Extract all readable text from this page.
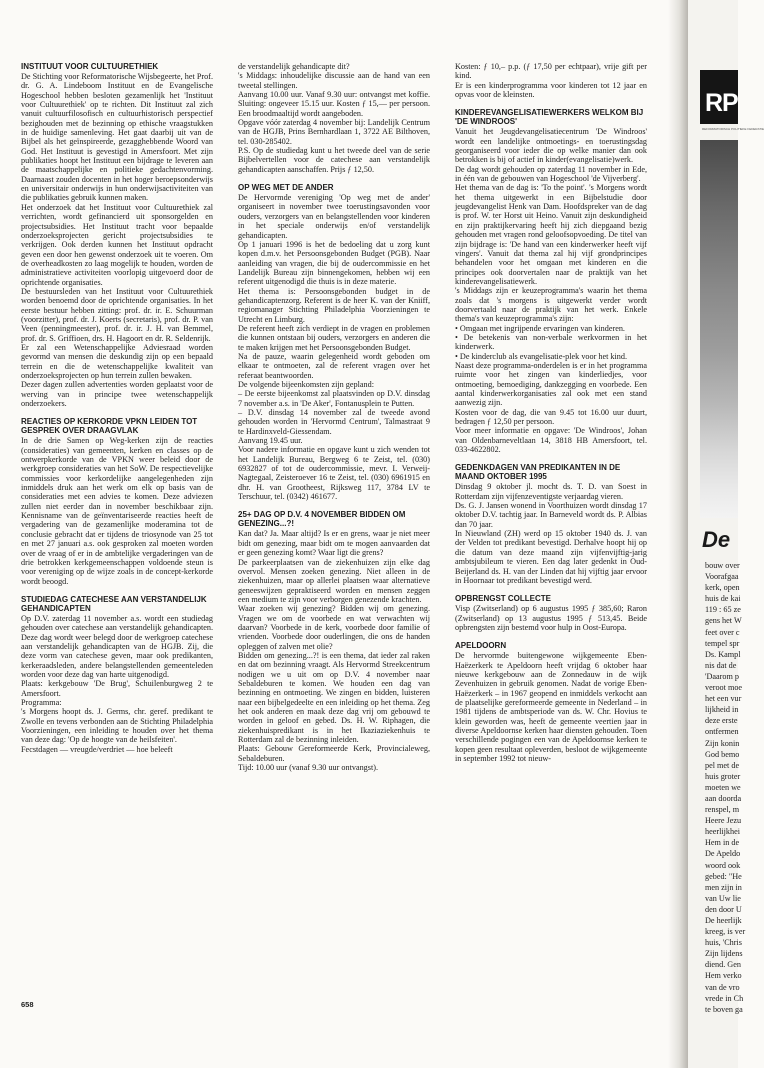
INSTITUUT VOOR CULTUURETHIEK

De Stichting voor Reformatorische Wijsbegeerte, het Prof. dr. G. A. Lindeboom Instituut en de Evangelische Hogeschool hebben besloten gezamenlijk het 'Instituut voor Cultuurethiek' op te richten. Dit Instituut zal zich vanuit cultuurfilosofisch en cultuurhistorisch perspectief bezighouden met de bezinning op ethische vraagstukken in de huidige samenleving. Het gaat daarbij uit van de Bijbel als het geïnspireerde, gezagghebbende Woord van God. Het Instituut is gevestigd in Amersfoort. Met zijn publikaties hoopt het Instituut een bijdrage te leveren aan de maatschappelijke en politieke gedachtenvorming. Daarnaast zouden docenten in het hoger beroepsonderwijs en universitair onderwijs in hun onderwijsactiviteiten van die publikaties gebruik kunnen maken.

Het onderzoek dat het Instituut voor Cultuurethiek zal verrichten, wordt gefinancierd uit sponsorgelden en projectsubsidies. Het Instituut tracht voor bepaalde onderzoeksprojecten gericht projectsubsidies te verkrijgen. Ook derden kunnen het Instituut opdracht geven een door hen gewenst onderzoek uit te voeren. Om de overheadkosten zo laag mogelijk te houden, worden de administratieve activiteiten voorlopig uitgevoerd door de oprichtende organisaties.

De bestuursleden van het Instituut voor Cultuurethiek worden benoemd door de oprichtende organisaties. In het eerste bestuur hebben zitting: prof. dr. ir. E. Schuurman (voorzitter), prof. dr. J. Koerts (secretaris), prof. dr. P. van Veen (penningmeester), prof. dr. ir. J. H. van Bemmel, prof. dr. S. Griffioen, drs. H. Hagoort en dr. R. Seldenrijk.

Er zal een Wetenschappelijke Adviesraad worden gevormd van mensen die deskundig zijn op een bepaald terrein en die de wetenschappelijke kwaliteit van onderzoeksprojecten op hun terrein zullen bewaken.

Dezer dagen zullen advertenties worden geplaatst voor de werving van in principe twee wetenschappelijk onderzoekers.

REACTIES OP KERKORDE VPKN LEIDEN TOT GESPREK OVER DRAAGVLAK

In de drie Samen op Weg-kerken zijn de reacties (consideraties) van gemeenten, kerken en classes op de ontwerpkerkorde van de VPKN weer beleid door de werkgroep consideraties van het SoW. De respectievelijke commissies voor kerkordelijke aangelegenheden zijn inmiddels druk aan het werk om elk op basis van de consideraties met een advies te komen. Deze adviezen zullen niet eerder dan in november beschikbaar zijn. Kennisname van de geïnventariseerde reacties heeft de vergadering van de gezamenlijke moderamina tot de conclusie gebracht dat er tijdens de triosynode van 25 tot en met 27 januari a.s. ook gesproken zal moeten worden over de vraag of er in de ambtelijke vergaderingen van de drie betrokken kerkgemeenschappen voldoende steun is voor vereniging op de wijze zoals in de concept-kerkorde wordt beoogd.

STUDIEDAG CATECHESE AAN VERSTANDELIJK GEHANDICAPTEN

Op D.V. zaterdag 11 november a.s. wordt een studiedag gehouden over catechese aan verstandelijk gehandicapten. Deze dag wordt weer belegd door de werkgroep catechese aan verstandelijk gehandicapten van de HGJB. Zij, die deze vorm van catechese geven, maar ook predikanten, kerkeraadsleden, andere belangstellenden gemeenteleden worden voor deze dag van harte uitgenodigd.

Plaats: kerkgebouw 'De Brug', Schuilenburgweg 2 te Amersfoort.

Programma:

's Morgens hoopt ds. J. Germs, chr. geref. predikant te Zwolle en tevens verbonden aan de Stichting Philadelphia Voorzieningen, een inleiding te houden over het thema van deze dag: 'Op de hoogte van de heilsfeiten'.

Fecstdagen — vreugde/verdriet — hoe beleeft

de verstandelijk gehandicapte dit?

's Middags: inhoudelijke discussie aan de hand van een tweetal stellingen.

Aanvang 10.00 uur. Vanaf 9.30 uur: ontvangst met koffie. Sluiting: ongeveer 15.15 uur. Kosten ƒ 15,— per persoon. Een broodmaaltijd wordt aangeboden.

Opgave vóór zaterdag 4 november bij: Landelijk Centrum van de HGJB, Prins Bernhardlaan 1, 3722 AE Bilthoven, tel. 030-285402.

P.S. Op de studiedag kunt u het tweede deel van de serie Bijbelvertellen voor de catechese aan verstandelijk gehandicapten aanschaffen. Prijs ƒ 12,50.

OP WEG MET DE ANDER

De Hervormde vereniging 'Op weg met de ander' organiseert in november twee toerustingsavonden voor ouders, verzorgers van en belangstellenden voor kinderen in het speciale onderwijs en/of verstandelijk gehandicapten.

Op 1 januari 1996 is het de bedoeling dat u zorg kunt kopen d.m.v. het Persoonsgebonden Budget (PGB). Naar aanleiding van vragen, die bij de oudercommissie en het Landelijk Bureau zijn binnengekomen, hebben wij een referent uitgenodigd die thuis is in deze materie.

Het thema is: Persoonsgebonden budget in de gehandicaptenzorg. Referent is de heer K. van der Kniiff, regiomanager Stichting Philadelphia Voorzieningen te Utrecht en Limburg.

De referent heeft zich verdiept in de vragen en problemen die kunnen ontstaan bij ouders, verzorgers en anderen die te maken krijgen met het Persoonsgebonden Budget.

Na de pauze, waarin gelegenheid wordt geboden om elkaar te ontmoeten, zal de referent vragen over het referaat beantwoorden.

De volgende bijeenkomsten zijn gepland:

– De eerste bijeenkomst zal plaatsvinden op D.V. dinsdag 7 november a.s. in 'De Aker', Fontanusplein te Putten.

– D.V. dinsdag 14 november zal de tweede avond gehouden worden in 'Hervormd Centrum', Talmastraat 9 te Hardinxveld-Giessendam.

Aanvang 19.45 uur.

Voor nadere informatie en opgave kunt u zich wenden tot het Landelijk Bureau, Bergweg 6 te Zeist, tel. (030) 6932827 of tot de oudercommissie, mevr. I. Verweij-Nagtegaal, Zeisteroever 16 te Zeist, tel. (030) 6961915 en dhr. H. van Grootheest, Rijksweg 117, 3784 LV te Terschuur, tel. (0342) 461677.

25+ DAG OP D.V. 4 NOVEMBER BIDDEN OM GENEZING...?!

Kan dat? Ja. Maar altijd? Is er en grens, waar je niet meer bidt om genezing, maar bidt om te mogen aanvaarden dat er geen genezing komt? Waar ligt die grens?

De parkeerplaatsen van de ziekenhuizen zijn elke dag overvol. Mensen zoeken genezing. Niet alleen in de ziekenhuizen, maar op allerlei plaatsen waar alternatieve geneeswijzen gepraktiseerd worden en mensen zeggen een medium te zijn voor verborgen genezende krachten.

Waar zoeken wij genezing? Bidden wij om genezing. Vragen we om de voorbede en wat verwachten wij daarvan? Voorbede in de kerk, voorbede door familie of vrienden. Voorbede door ouderlingen, die ons de handen opleggen of zalven met olie?

Bidden om genezing...?! is een thema, dat ieder zal raken en dat om bezinning vraagt. Als Hervormd Streekcentrum nodigen we u uit om op D.V. 4 november naar Sebaldeburen te komen. We houden een dag van bezinning en ontmoeting. We zingen en bidden, luisteren naar een bijbelgedeelte en een inleiding op het thema. Zeg het ook anderen en maak deze dag vrij om gebouwd te worden in geloof en gebed. Ds. H. W. Riphagen, die ziekenhuispredikant is in het Ikaziaziekenhuis te Rotterdam zal de bezinning inleiden.

Plaats: Gebouw Gereformeerde Kerk, Provincialeweg, Sebaldeburen.

Tijd: 10.00 uur (vanaf 9.30 uur ontvangst).

Kosten: ƒ 10,– p.p. (ƒ 17,50 per echtpaar), vrije gift per kind.

Er is een kinderprogramma voor kinderen tot 12 jaar en opvas voor de kleinsten.

KINDEREVANGELISATIEWERKERS WELKOM BIJ 'DE WINDROOS'

Vanuit het Jeugdevangelisatiecentrum 'De Windroos' wordt een landelijke ontmoetings- en toerustingsdag georganiseerd voor ieder die op welke manier dan ook betrokken is bij of actief in kinder(evangelisatie)werk.

De dag wordt gehouden op zaterdag 11 november in Ede, in één van de gebouwen van Hogeschool 'de Vijverberg'.

Het thema van de dag is: 'To the point'. 's Morgens wordt het thema uitgewerkt in een Bijbelstudie door jeugdevangelist Henk van Dam. Hoofdspreker van de dag is prof. W. ter Horst uit Heino. Vanuit zijn deskundigheid en zijn praktijkervaring heeft hij zich diepgaand bezig gehouden met vragen rond geloofsopvoeding. De titel van zijn bijdrage is: 'De hand van een kinderwerker heeft vijf vingers'. Vanuit dat thema zal hij vijf grondprincipes behandelen voor het omgaan met kinderen en die principes ook doorvertalen naar de praktijk van het kinderevangelisatiewerk.

's Middags zijn er keuzeprogramma's waarin het thema zoals dat 's morgens is uitgewerkt verder wordt doorvertaald naar de praktijk van het werk. Enkele thema's van keuzeprogramma's zijn:

• Omgaan met ingrijpende ervaringen van kinderen.

• De betekenis van non-verbale werkvormen in het kinderwerk.

• De kinderclub als evangelisatie-plek voor het kind.

Naast deze programma-onderdelen is er in het programma ruimte voor het zingen van kinderliedjes, voor ontmoeting, bemoediging, dankzegging en voorbede. Een aantal kinderwerkorganisaties zal ook met een stand aanwezig zijn.

Kosten voor de dag, die van 9.45 tot 16.00 uur duurt, bedragen ƒ 12,50 per persoon.

Voor meer informatie en opgave: 'De Windroos', Johan van Oldenbarneveltlaan 14, 3818 HB Amersfoort, tel. 033-4622802.

GEDENKDAGEN VAN PREDIKANTEN IN DE MAAND OKTOBER 1995

Dinsdag 9 oktober jl. mocht ds. T. D. van Soest in Rotterdam zijn vijfenzeventigste verjaardag vieren.

Ds. G. J. Jansen wonend in Voorthuizen wordt dinsdag 17 oktober D.V. tachtig jaar. In Barneveld wordt ds. P. Albias dan 70 jaar.

In Nieuwland (ZH) werd op 15 oktober 1940 ds. J. van der Velden tot predikant bevestigd. Derhalve hoopt hij op die datum van deze maand zijn vijfenvijftig-jarig ambtsjubileum te vieren. Een dag later gedenkt in Oud-Beijerland ds. H. van der Linden dat hij vijftig jaar ervoor in Hoornaar tot predikant bevestigd werd.

OPBRENGST COLLECTE

Visp (Zwitserland) op 6 augustus 1995 ƒ 385,60; Raron (Zwitserland) op 13 augustus 1995 ƒ 513,45. Beide opbrengsten zijn bestemd voor hulp in Oost-Europa.

APELDOORN

De hervormde buitengewone wijkgemeente Eben-Haëzerkerk te Apeldoorn heeft vrijdag 6 oktober haar nieuwe kerkgebouw aan de Zonnedauw in de wijk Zevenhuizen in gebruik genomen. Nadat de vorige Eben-Haëzerkerk – in 1967 geopend en inmiddels verkocht aan de plaatselijke gereformeerde gemeente in Nederland – in 1981 tijdens de ambtsperiode van ds. W. Chr. Hovius te klein geworden was, heeft de gemeente veertien jaar in diverse Apeldoornse kerken haar diensten gehouden. Toen verschillende pogingen een van de Apeldoornse kerken te kopen geen resultaat opleverden, besloot de wijkgemeente in september 1992 tot nieuw-

658
RP
REFORMATORISCH POLITIEKE FEDERATIE
De
bouw over
Voorafgaa
kerk, open
huis de kai
119 : 65 ze
gens het W
feet over c
tempel spr
Ds. Kampl
nis dat de
'Daarom p
veroot moe
het een vur
lijkheid in
deze erste
ontfermen
Zijn konin
God bemo
pel met de
huis groter
moeten we
aan doorda
renspel, m
Heere Jezu
heerlijkhei
Hem in de
De Apeldo
woord ook
gebed: "He
men zijn in
van Uw lie
den door U
De heerlijk
kreeg, is ver
huis, 'Chris
Zijn lijdens
diend. Gen
Hem verko
van de vro
vrede in Ch
te boven ga
